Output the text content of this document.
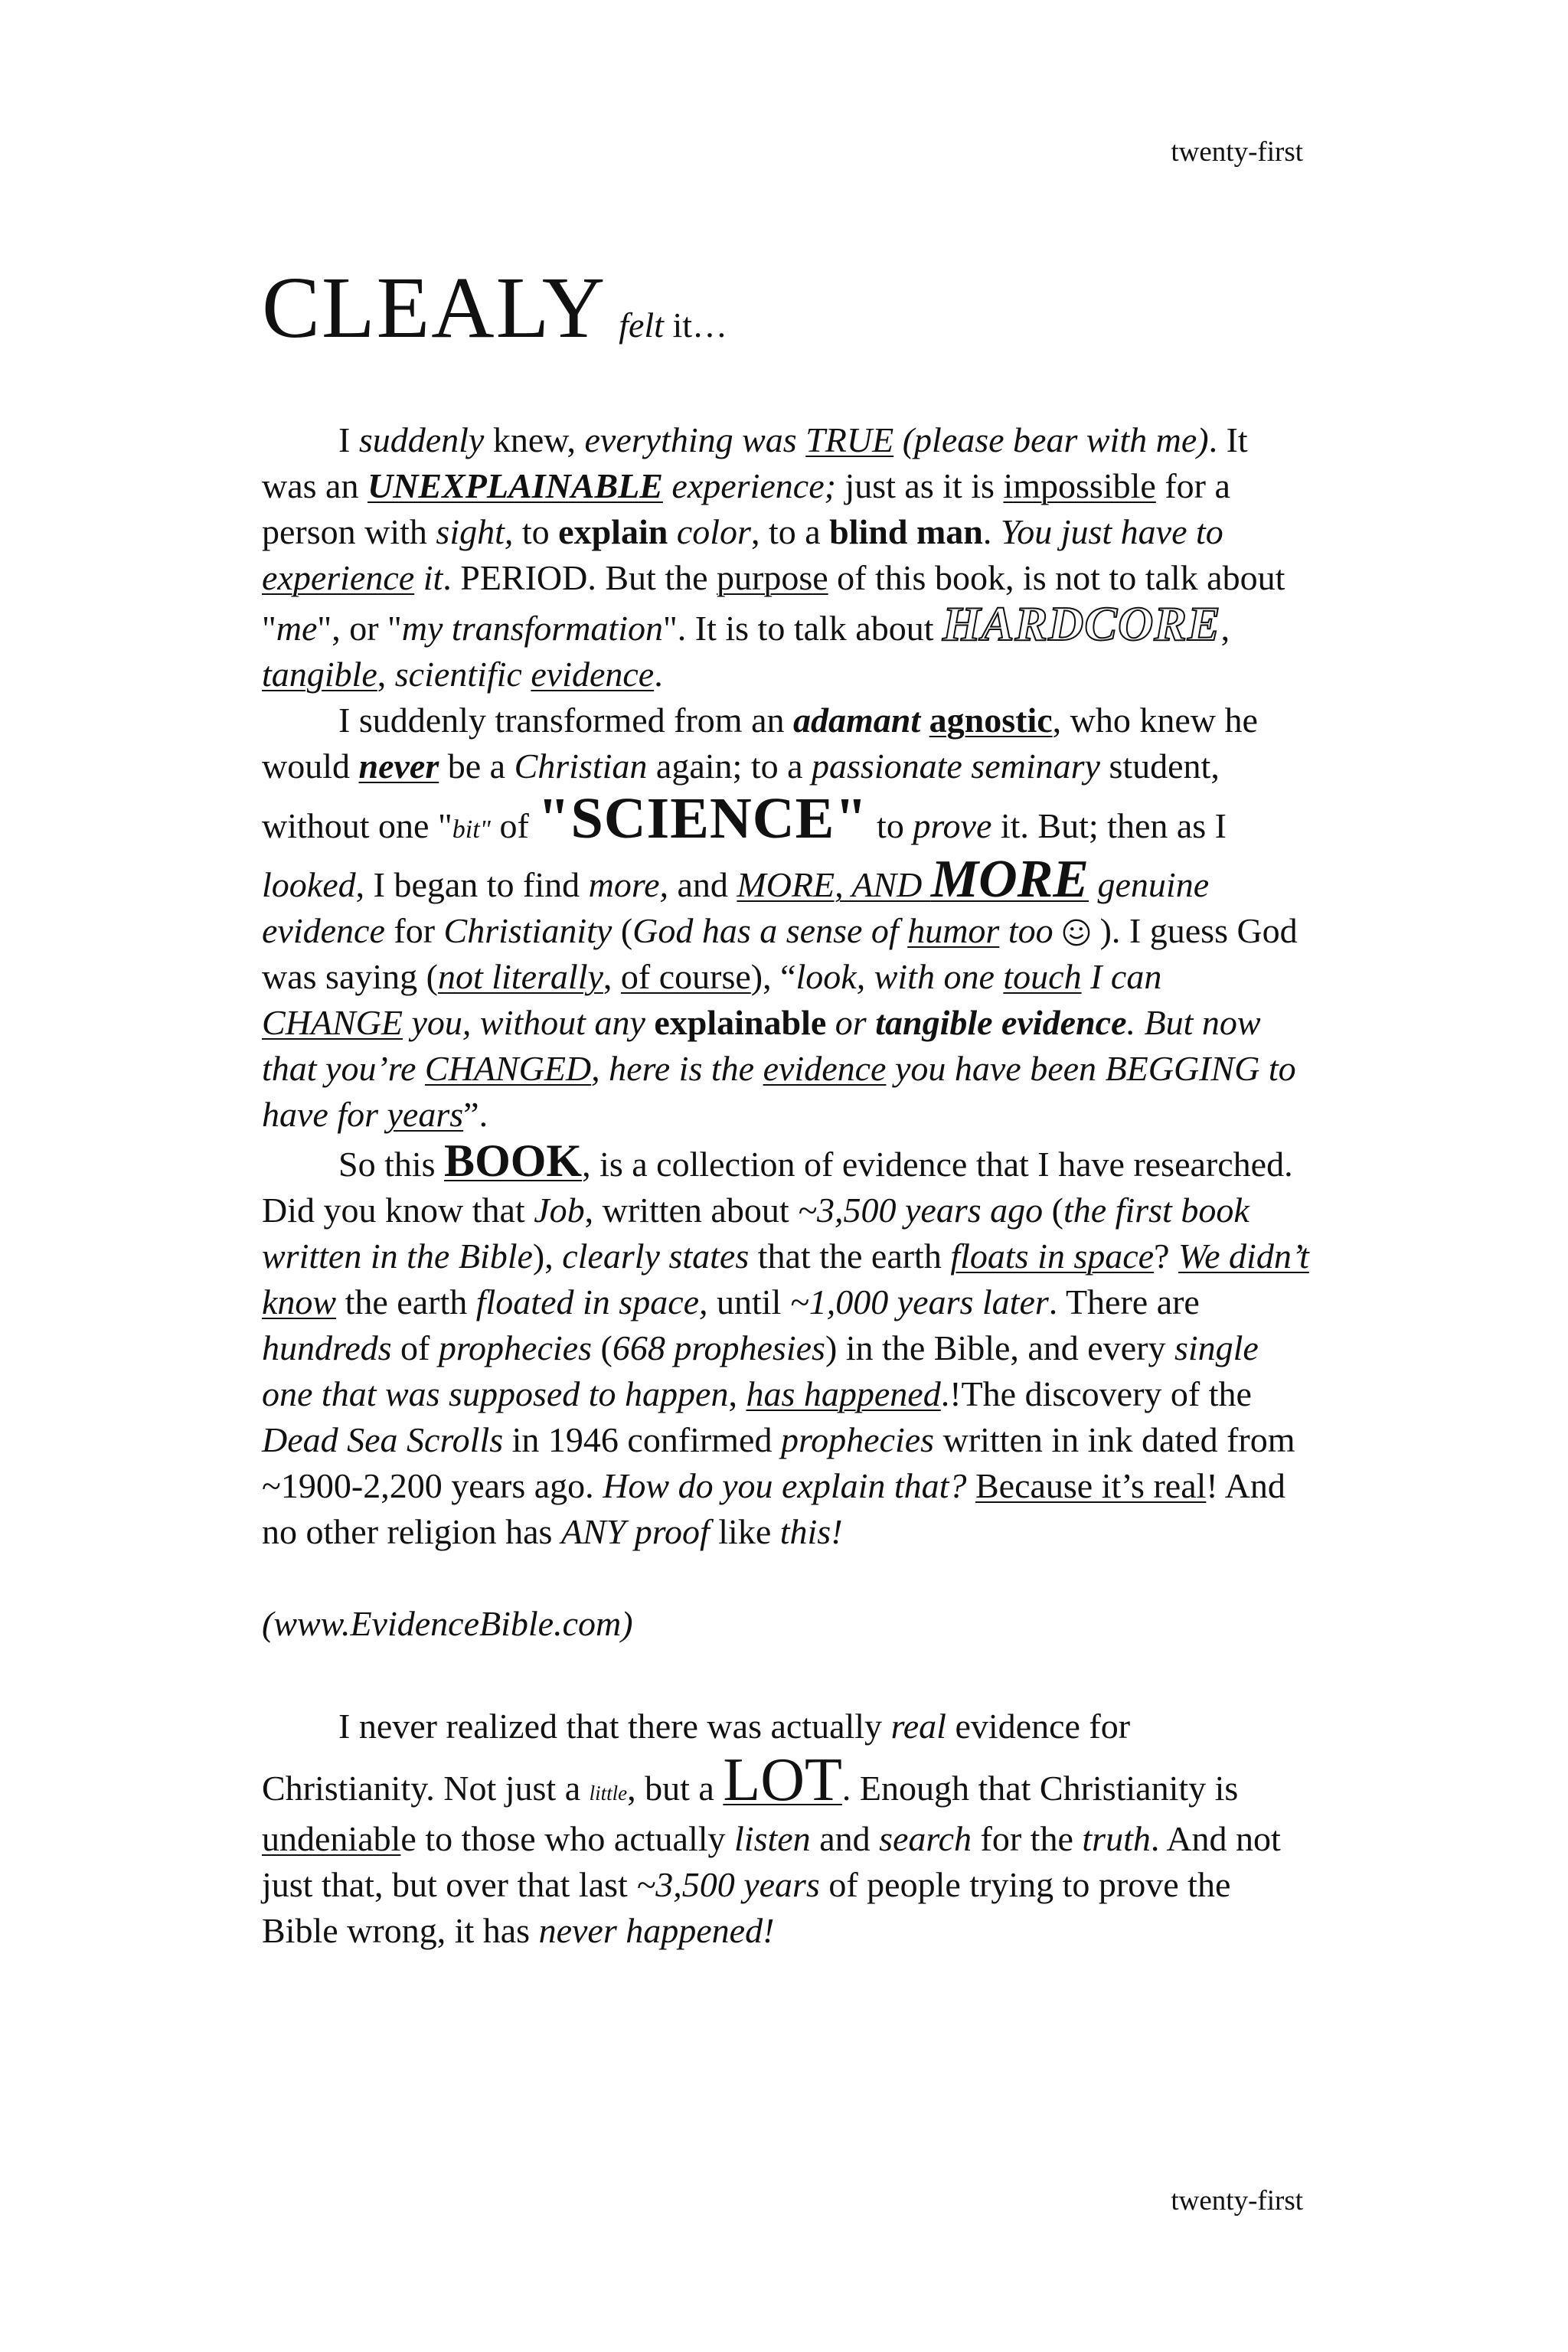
twenty-first
CLEALY felt it…

I suddenly knew, everything was TRUE (please bear with me). It was an UNEXPLAINABLE experience; just as it is impossible for a person with sight, to explain color, to a blind man. You just have to experience it. PERIOD. But the purpose of this book, is not to talk about "me", or "my transformation". It is to talk about HARDCORE, tangible, scientific evidence.

I suddenly transformed from an adamant agnostic, who knew he would never be a Christian again; to a passionate seminary student, without one "bit" of "SCIENCE" to prove it. But; then as I looked, I began to find more, and MORE, AND MORE genuine evidence for Christianity (God has a sense of humor too  ). I guess God was saying (not literally, of course), “look, with one touch I can CHANGE you, without any explainable or tangible evidence. But now that you’re CHANGED, here is the evidence you have been BEGGING to have for years”.

So this BOOK, is a collection of evidence that I have researched. Did you know that Job, written about ~3,500 years ago (the first book written in the Bible), clearly states that the earth floats in space? We didn’t know the earth floated in space, until ~1,000 years later. There are hundreds of prophecies (668 prophesies) in the Bible, and every single one that was supposed to happen, has happened.!The discovery of the Dead Sea Scrolls in 1946 confirmed prophecies written in ink dated from ~1900-2,200 years ago. How do you explain that? Because it’s real! And no other religion has ANY proof like this!

(www.EvidenceBible.com)

I never realized that there was actually real evidence for Christianity. Not just a little, but a LOT. Enough that Christianity is undeniable to those who actually listen and search for the truth. And not just that, but over that last ~3,500 years of people trying to prove the Bible wrong, it has never happened!

twenty-first
